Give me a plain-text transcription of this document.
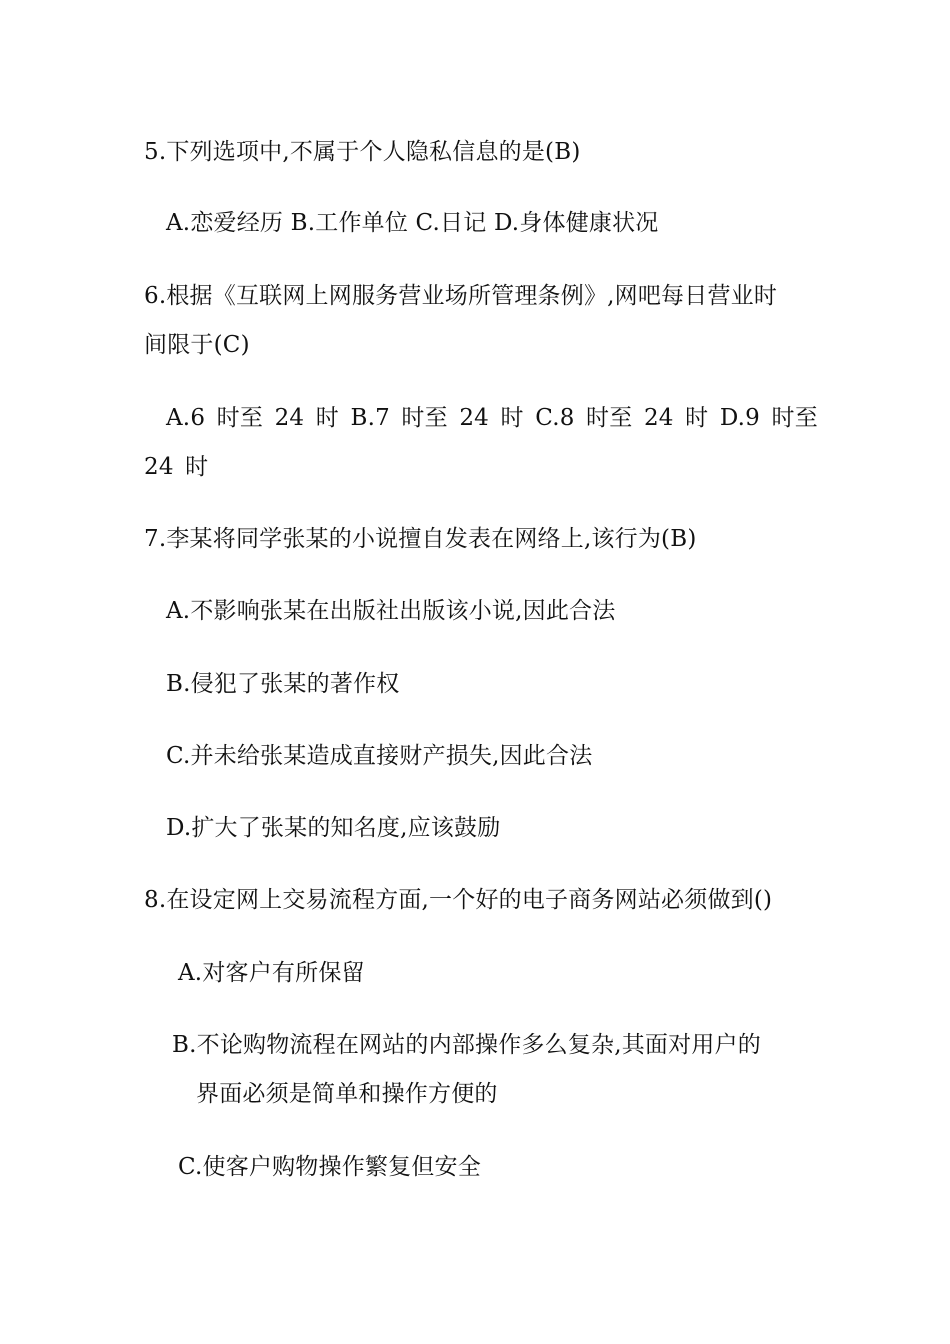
5.下列选项中,不属于个人隐私信息的是(B)
A.恋爱经历 B.工作单位 C.日记 D.身体健康状况
6.根据《互联网上网服务营业场所管理条例》,网吧每日营业时
间限于(C)
A.6 时至 24 时 B.7 时至 24 时 C.8 时至 24 时 D.9 时至
24 时
7.李某将同学张某的小说擅自发表在网络上,该行为(B)
A.不影响张某在出版社出版该小说,因此合法
B.侵犯了张某的著作权
C.并未给张某造成直接财产损失,因此合法
D.扩大了张某的知名度,应该鼓励
8.在设定网上交易流程方面,一个好的电子商务网站必须做到()
A.对客户有所保留
B.不论购物流程在网站的内部操作多么复杂,其面对用户的
界面必须是简单和操作方便的
C.使客户购物操作繁复但安全
